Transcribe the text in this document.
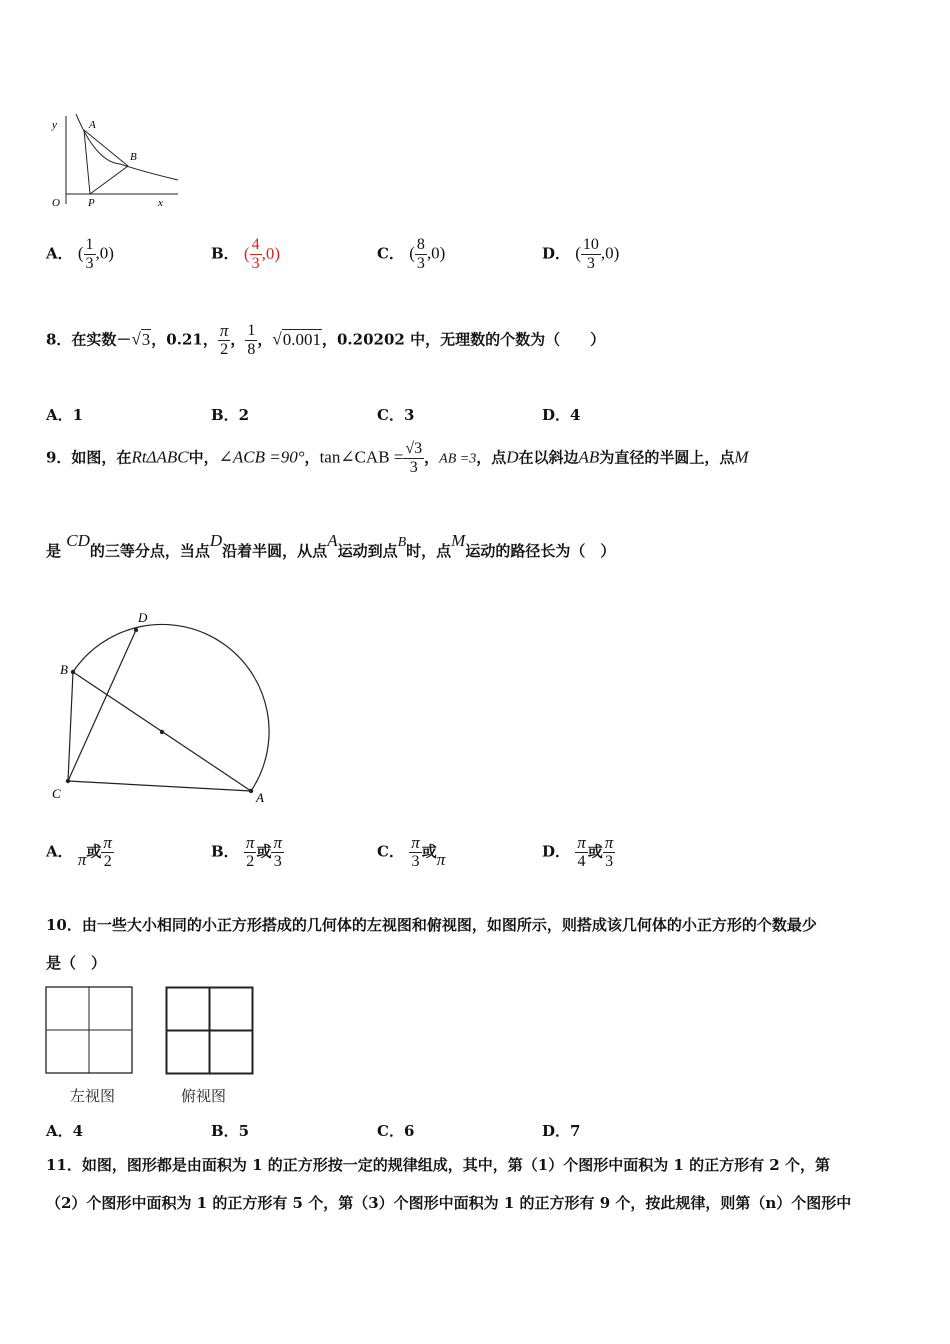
y	A
B
O	P	x
A． ( $\frac{1}{3} ,0$)	B． ( $\frac{4}{3} ,0$)	C． ( $\frac{8}{3} ,0$)	D． ( $\frac{10}{3} ,0$)
8．在实数－√3，0.21， $\frac{\pi}{2}$ ， $\frac{1}{8}$ ，√0.001，0.20202 中，无理数的个数为（　　）
A．1	B．2	C．3	D．4
9．如图，在RtΔABC中，∠ACB =90°，tan∠CAB = $\frac{√3}{3}$ ，AB =3，点D在以斜边AB为直径的半圆上，点M
是 CD的三等分点，当点D沿着半圆，从点A运动到点B时，点M运动的路径长为（　）
D
B
C	A
A． π或 $\frac{\pi}{2}$	B． $\frac{\pi}{2}$ 或 $\frac{\pi}{3}$	C． $\frac{\pi}{3}$ 或π	D． $\frac{\pi}{4}$ 或 $\frac{\pi}{3}$
10．由一些大小相同的小正方形搭成的几何体的左视图和俯视图，如图所示，则搭成该几何体的小正方形的个数最少
是（　）
左视图	俯视图
A．4	B．5	C．6	D．7
11．如图，图形都是由面积为 1 的正方形按一定的规律组成，其中，第（1）个图形中面积为 1 的正方形有 2 个，第
（2）个图形中面积为 1 的正方形有 5 个，第（3）个图形中面积为 1 的正方形有 9 个，按此规律，则第（n）个图形中
